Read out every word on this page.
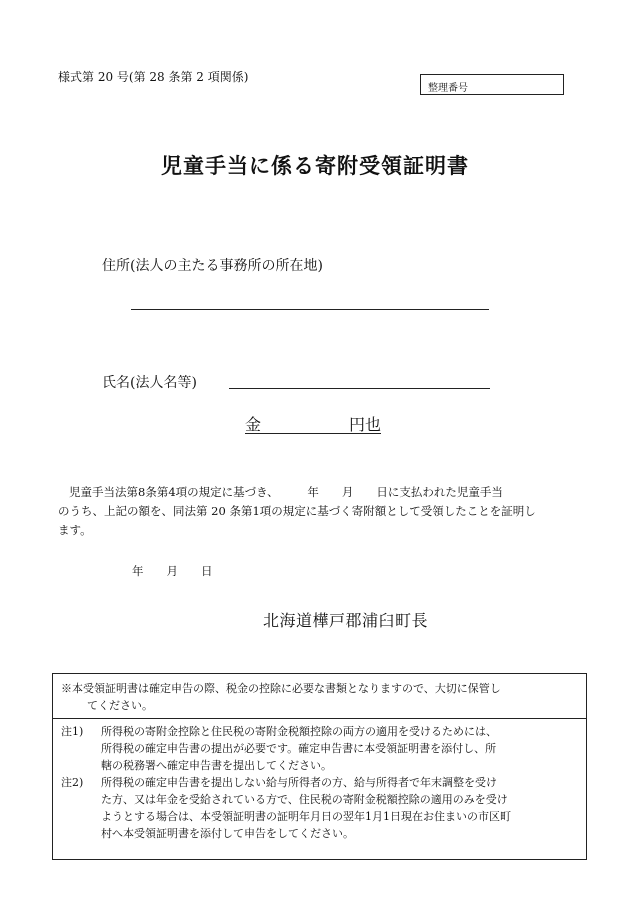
様式第 20 号(第 28 条第 2 項関係)
整理番号
児童手当に係る寄附受領証明書
住所(法人の主たる事務所の所在地)
氏名(法人名等)
金	円也

児童手当法第8条第4項の規定に基づき、　　　年　　月　　日に支払われた児童手当

のうち、上記の額を、同法第 20 条第1項の規定に基づく寄附額として受領したことを証明し

ます。

年　　月　　日
北海道樺戸郡浦臼町長
※本受領証明書は確定申告の際、税金の控除に必要な書類となりますので、大切に保管し
てください。
注1)	所得税の寄附金控除と住民税の寄附金税額控除の両方の適用を受けるためには、
所得税の確定申告書の提出が必要です。確定申告書に本受領証明書を添付し、所
轄の税務署へ確定申告書を提出してください。
注2)	所得税の確定申告書を提出しない給与所得者の方、給与所得者で年末調整を受け
た方、又は年金を受給されている方で、住民税の寄附金税額控除の適用のみを受け
ようとする場合は、本受領証明書の証明年月日の翌年1月1日現在お住まいの市区町
村へ本受領証明書を添付して申告をしてください。
